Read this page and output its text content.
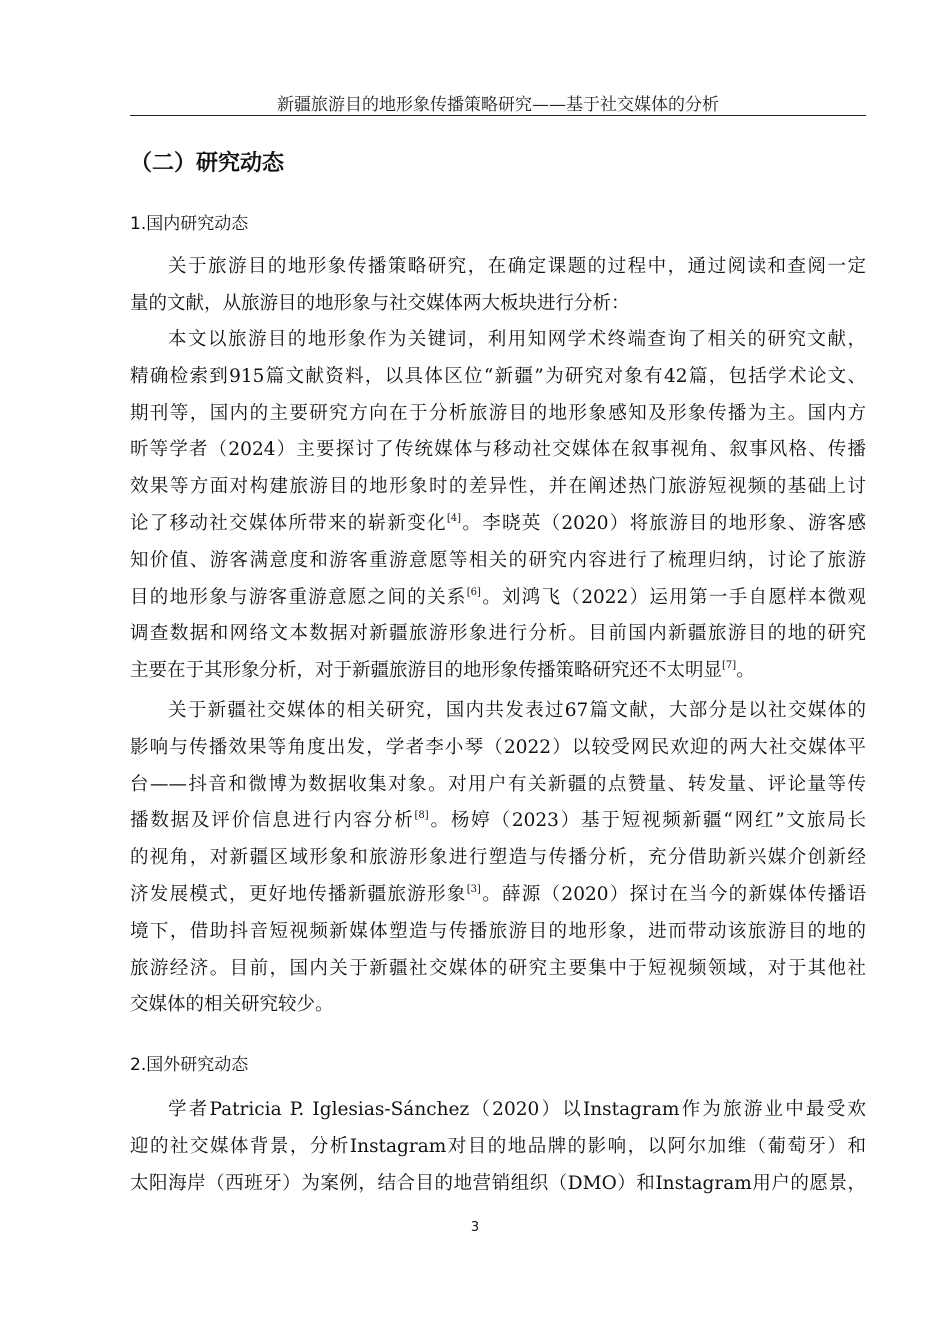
新疆旅游目的地形象传播策略研究——基于社交媒体的分析
（二）研究动态
1.国内研究动态
关于旅游目的地形象传播策略研究，在确定课题的过程中，通过阅读和查阅一定
量的文献，从旅游目的地形象与社交媒体两大板块进行分析：
本文以旅游目的地形象作为关键词，利用知网学术终端查询了相关的研究文献，
精确检索到915篇文献资料，以具体区位“新疆”为研究对象有42篇，包括学术论文、
期刊等，国内的主要研究方向在于分析旅游目的地形象感知及形象传播为主。国内方
昕等学者（2024）主要探讨了传统媒体与移动社交媒体在叙事视角、叙事风格、传播
效果等方面对构建旅游目的地形象时的差异性，并在阐述热门旅游短视频的基础上讨
论了移动社交媒体所带来的崭新变化[4]。李晓英（2020）将旅游目的地形象、游客感
知价值、游客满意度和游客重游意愿等相关的研究内容进行了梳理归纳，讨论了旅游
目的地形象与游客重游意愿之间的关系[6]。刘鸿飞（2022）运用第一手自愿样本微观
调查数据和网络文本数据对新疆旅游形象进行分析。目前国内新疆旅游目的地的研究
主要在于其形象分析，对于新疆旅游目的地形象传播策略研究还不太明显[7]。
关于新疆社交媒体的相关研究，国内共发表过67篇文献，大部分是以社交媒体的
影响与传播效果等角度出发，学者李小琴（2022）以较受网民欢迎的两大社交媒体平
台——抖音和微博为数据收集对象。对用户有关新疆的点赞量、转发量、评论量等传
播数据及评价信息进行内容分析[8]。杨婷（2023）基于短视频新疆“网红”文旅局长
的视角，对新疆区域形象和旅游形象进行塑造与传播分析，充分借助新兴媒介创新经
济发展模式，更好地传播新疆旅游形象[3]。薛源（2020）探讨在当今的新媒体传播语
境下，借助抖音短视频新媒体塑造与传播旅游目的地形象，进而带动该旅游目的地的
旅游经济。目前，国内关于新疆社交媒体的研究主要集中于短视频领域，对于其他社
交媒体的相关研究较少。
2.国外研究动态
学者Patricia P. Iglesias-Sánchez（2020）以Instagram作为旅游业中最受欢
迎的社交媒体背景，分析Instagram对目的地品牌的影响，以阿尔加维（葡萄牙）和
太阳海岸（西班牙）为案例，结合目的地营销组织（DMO）和Instagram用户的愿景，
3
